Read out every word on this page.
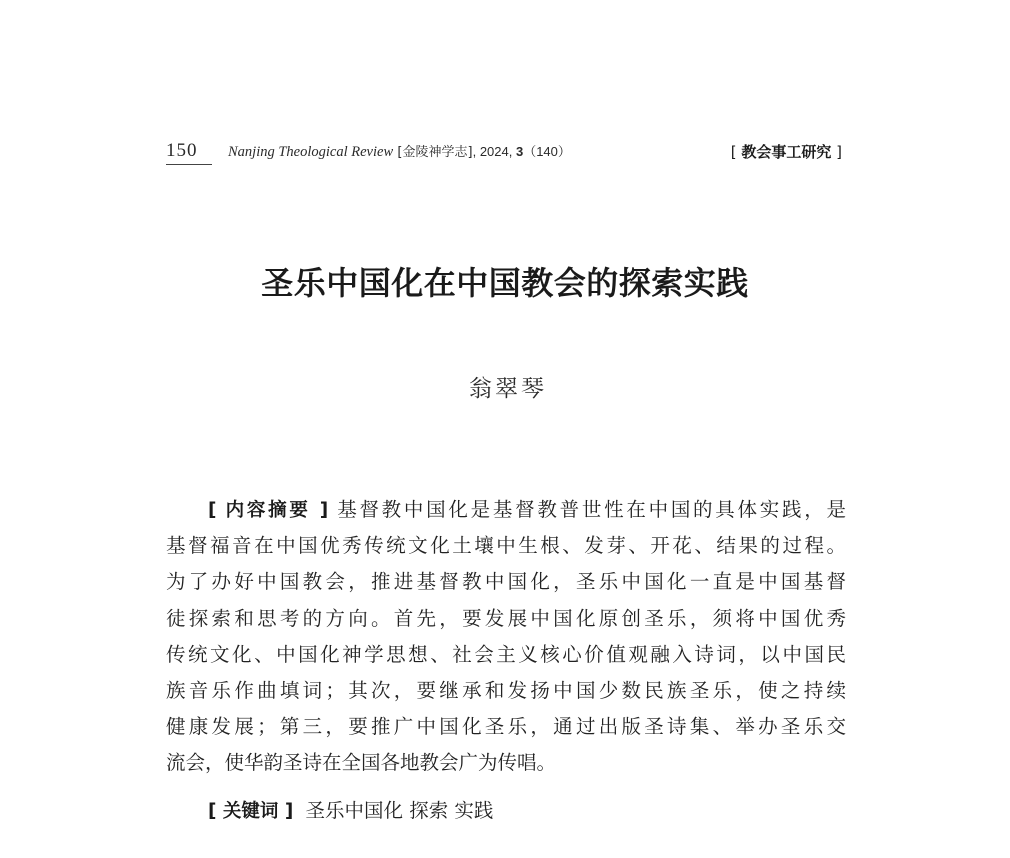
150	Nanjing Theological Review [金陵神学志], 2024, 3（140）	[ 教会事工研究 ]
圣乐中国化在中国教会的探索实践
翁翠琴
[ 内容摘要 ] 基督教中国化是基督教普世性在中国的具体实践，是
基督福音在中国优秀传统文化土壤中生根、发芽、开花、结果的过程。
为了办好中国教会，推进基督教中国化，圣乐中国化一直是中国基督
徒探索和思考的方向。首先，要发展中国化原创圣乐，须将中国优秀
传统文化、中国化神学思想、社会主义核心价值观融入诗词，以中国民
族音乐作曲填词；其次，要继承和发扬中国少数民族圣乐，使之持续
健康发展；第三，要推广中国化圣乐，通过出版圣诗集、举办圣乐交
流会，使华韵圣诗在全国各地教会广为传唱。
[ 关键词 ] 圣乐中国化 探索 实践
